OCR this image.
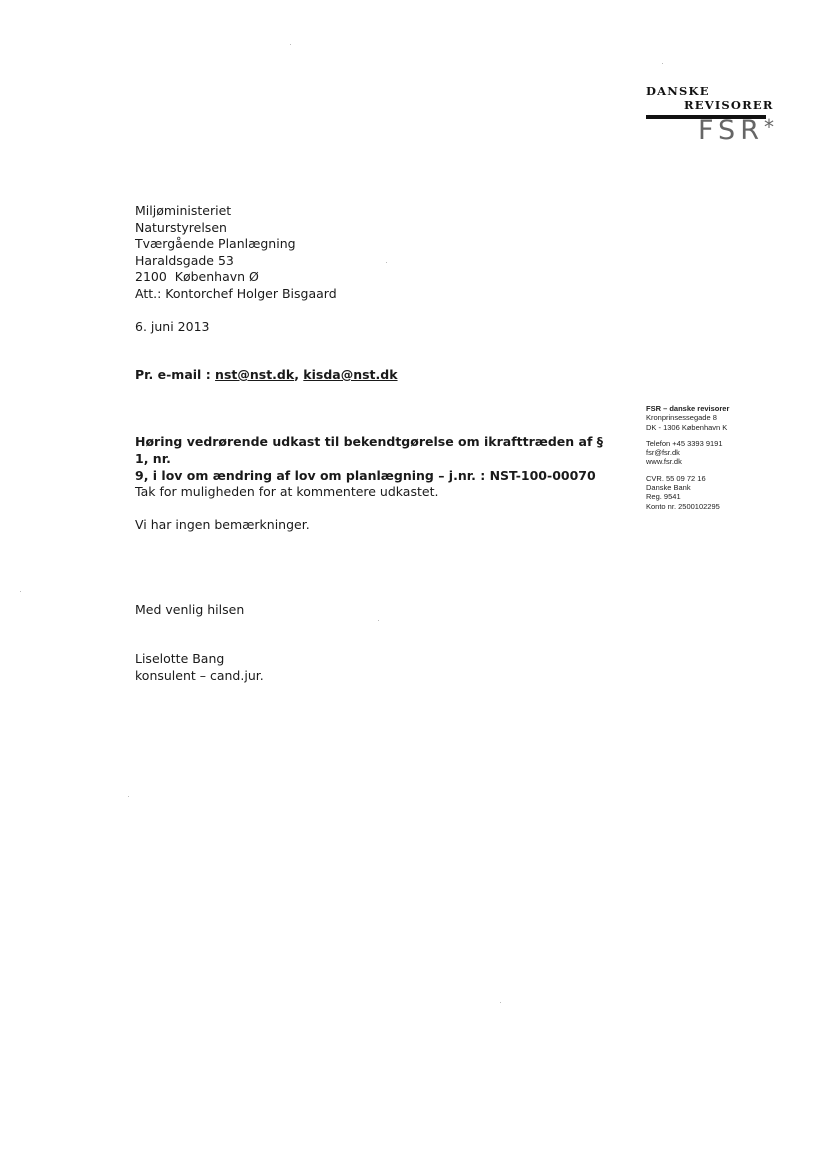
DANSKE
REVISORER
FSR*
Miljøministeriet
Naturstyrelsen
Tværgående Planlægning
Haraldsgade 53
2100  København Ø
Att.: Kontorchef Holger Bisgaard
6. juni 2013
Pr. e-mail : nst@nst.dk, kisda@nst.dk
Høring vedrørende udkast til bekendtgørelse om ikrafttræden af § 1, nr.
9, i lov om ændring af lov om planlægning – j.nr. : NST-100-00070
Tak for muligheden for at kommentere udkastet.
Vi har ingen bemærkninger.
Med venlig hilsen
Liselotte Bang
konsulent – cand.jur.
FSR – danske revisorer
Kronprinsessegade 8
DK - 1306 København K
Telefon +45 3393 9191
fsr@fsr.dk
www.fsr.dk
CVR. 55 09 72 16
Danske Bank
Reg. 9541
Konto nr. 2500102295
